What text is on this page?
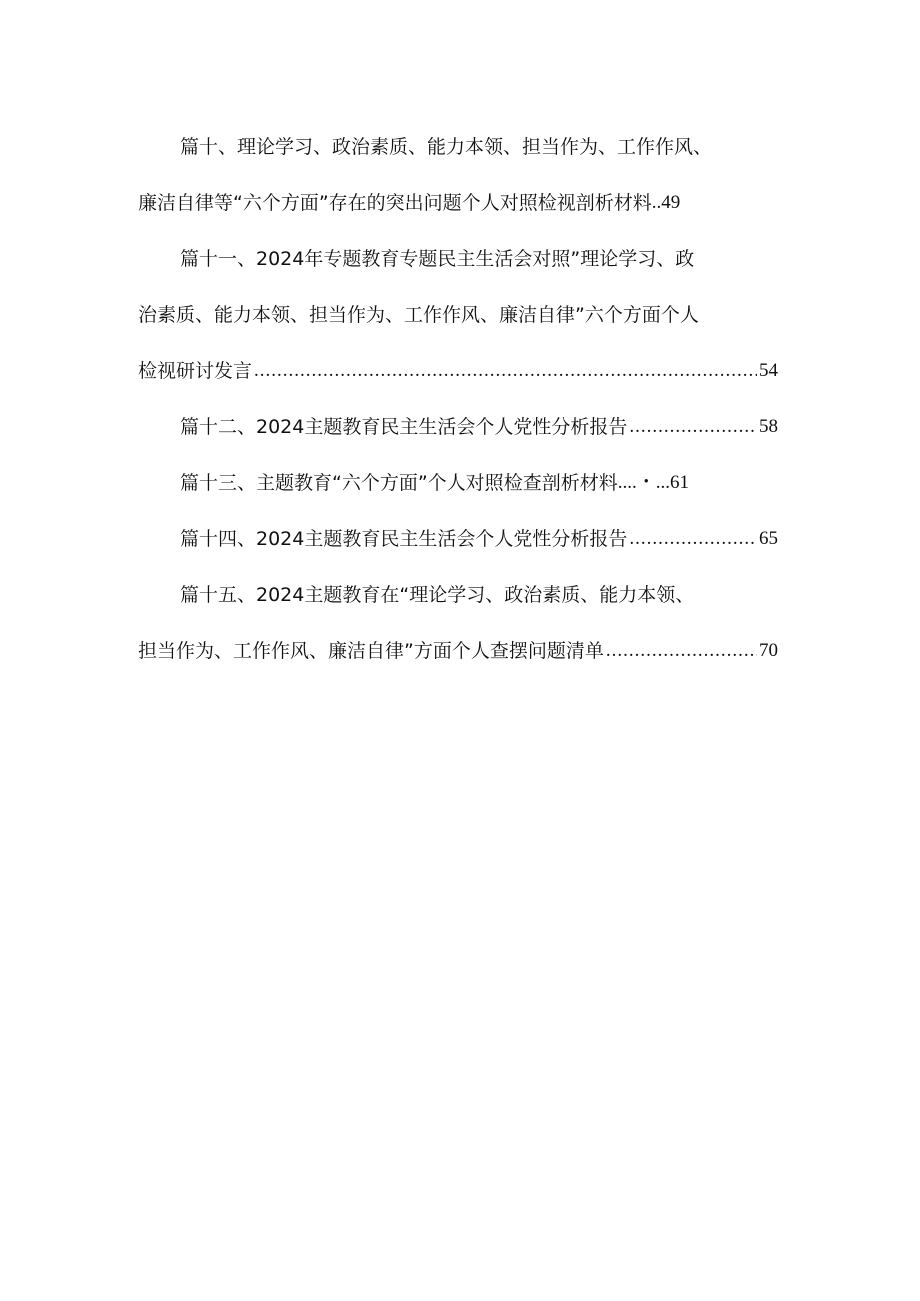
篇十、理论学习、政治素质、能力本领、担当作为、工作作风、
廉洁自律等“六个方面”存在的突出问题个人对照检视剖析材料 .. 49
篇十一、2024年专题教育专题民主生活会对照”理论学习、政
治素质、能力本领、担当作为、工作作风、廉洁自律”六个方面个人
检视研讨发言 .....	54
篇十二、2024主题教育民主生活会个人党性分析报告 .....	58
篇十三、主题教育“六个方面”个人对照检查剖析材料 ....・... 61
篇十四、2024主题教育民主生活会个人党性分析报告 .....	65
篇十五、2024主题教育在“理论学习、政治素质、能力本领、
担当作为、工作作风、廉洁自律”方面个人查摆问题清单 .....	70
